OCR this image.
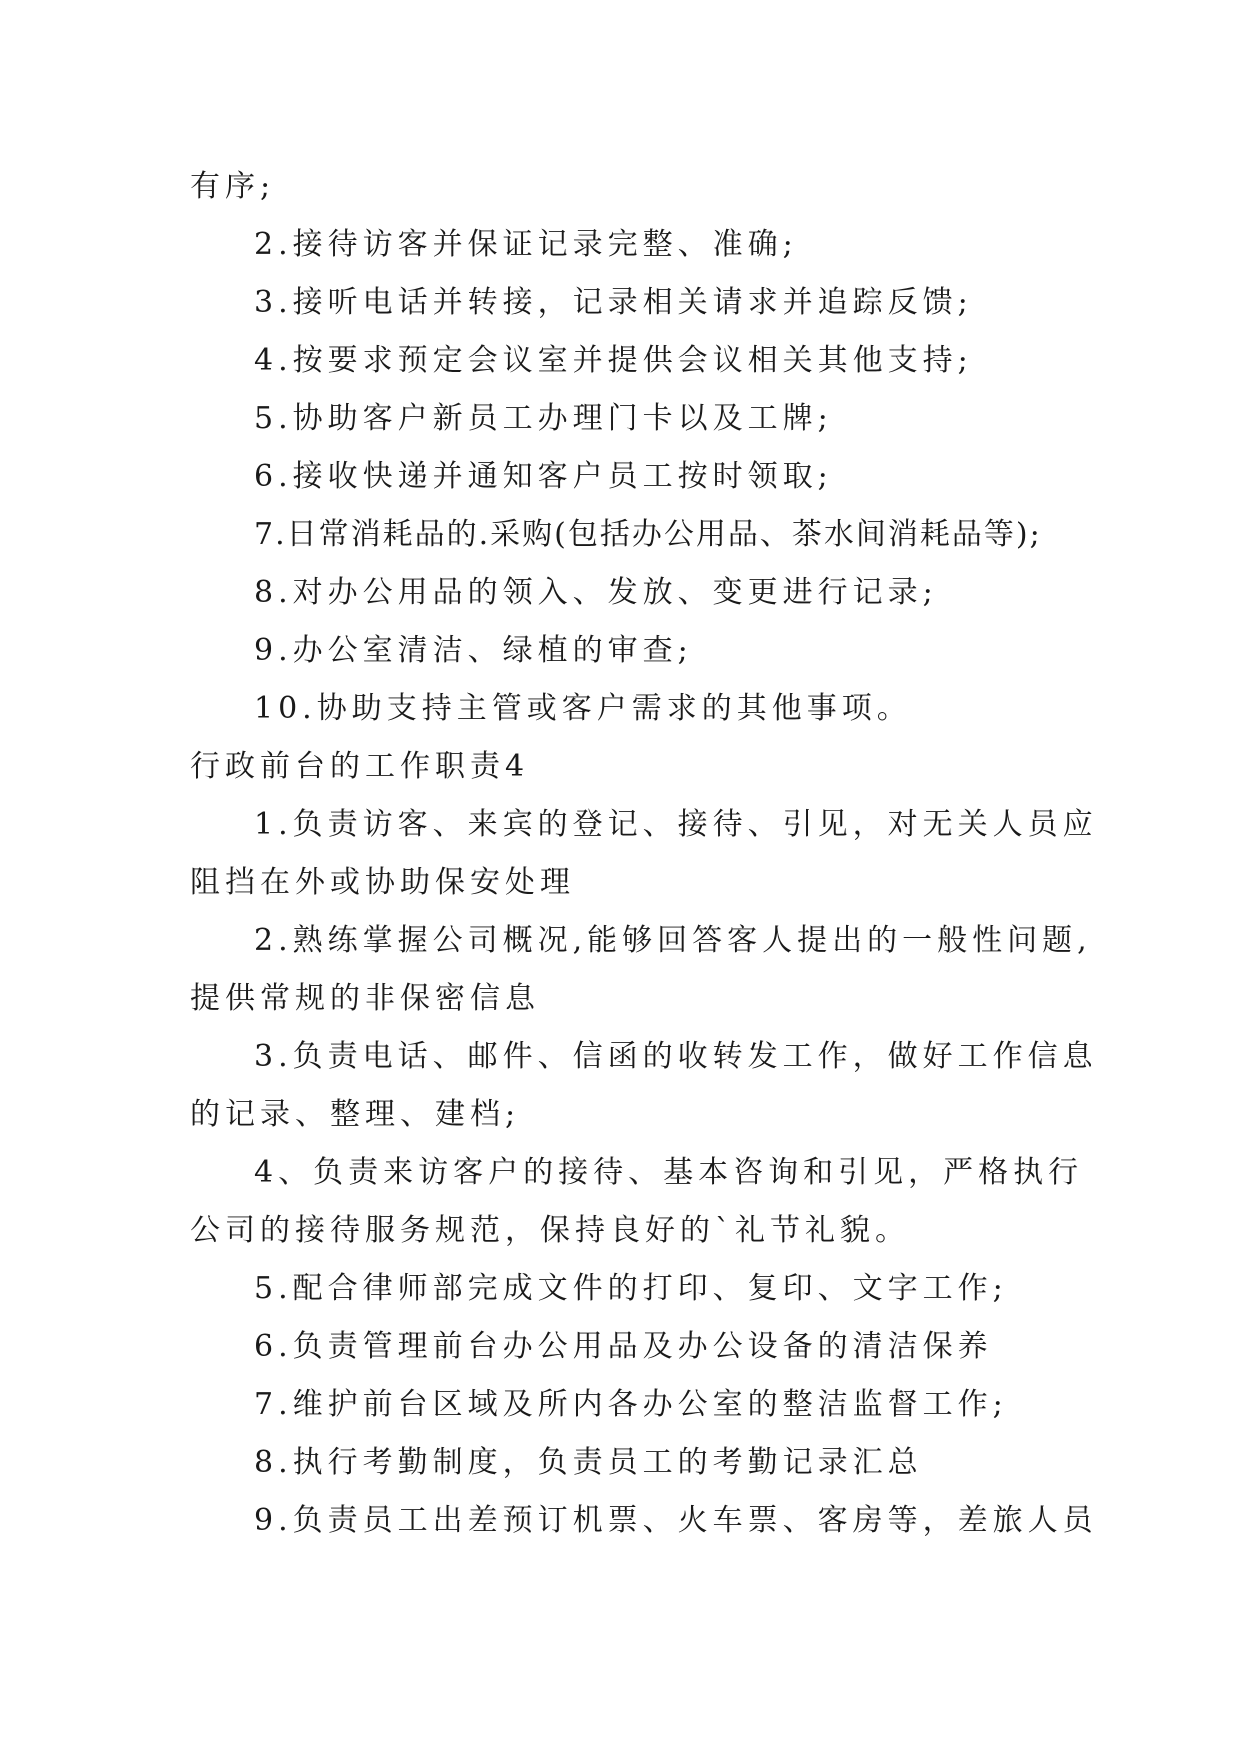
有序;
2.接待访客并保证记录完整、准确;
3.接听电话并转接，记录相关请求并追踪反馈;
4.按要求预定会议室并提供会议相关其他支持;
5.协助客户新员工办理门卡以及工牌;
6.接收快递并通知客户员工按时领取;
7.日常消耗品的.采购(包括办公用品、茶水间消耗品等);
8.对办公用品的领入、发放、变更进行记录;
9.办公室清洁、绿植的审查;
10.协助支持主管或客户需求的其他事项。
行政前台的工作职责4
1.负责访客、来宾的登记、接待、引见，对无关人员应
阻挡在外或协助保安处理
2.熟练掌握公司概况,能够回答客人提出的一般性问题,
提供常规的非保密信息
3.负责电话、邮件、信函的收转发工作，做好工作信息
的记录、整理、建档;
4、负责来访客户的接待、基本咨询和引见，严格执行
公司的接待服务规范，保持良好的`礼节礼貌。
5.配合律师部完成文件的打印、复印、文字工作;
6.负责管理前台办公用品及办公设备的清洁保养
7.维护前台区域及所内各办公室的整洁监督工作;
8.执行考勤制度，负责员工的考勤记录汇总
9.负责员工出差预订机票、火车票、客房等，差旅人员
